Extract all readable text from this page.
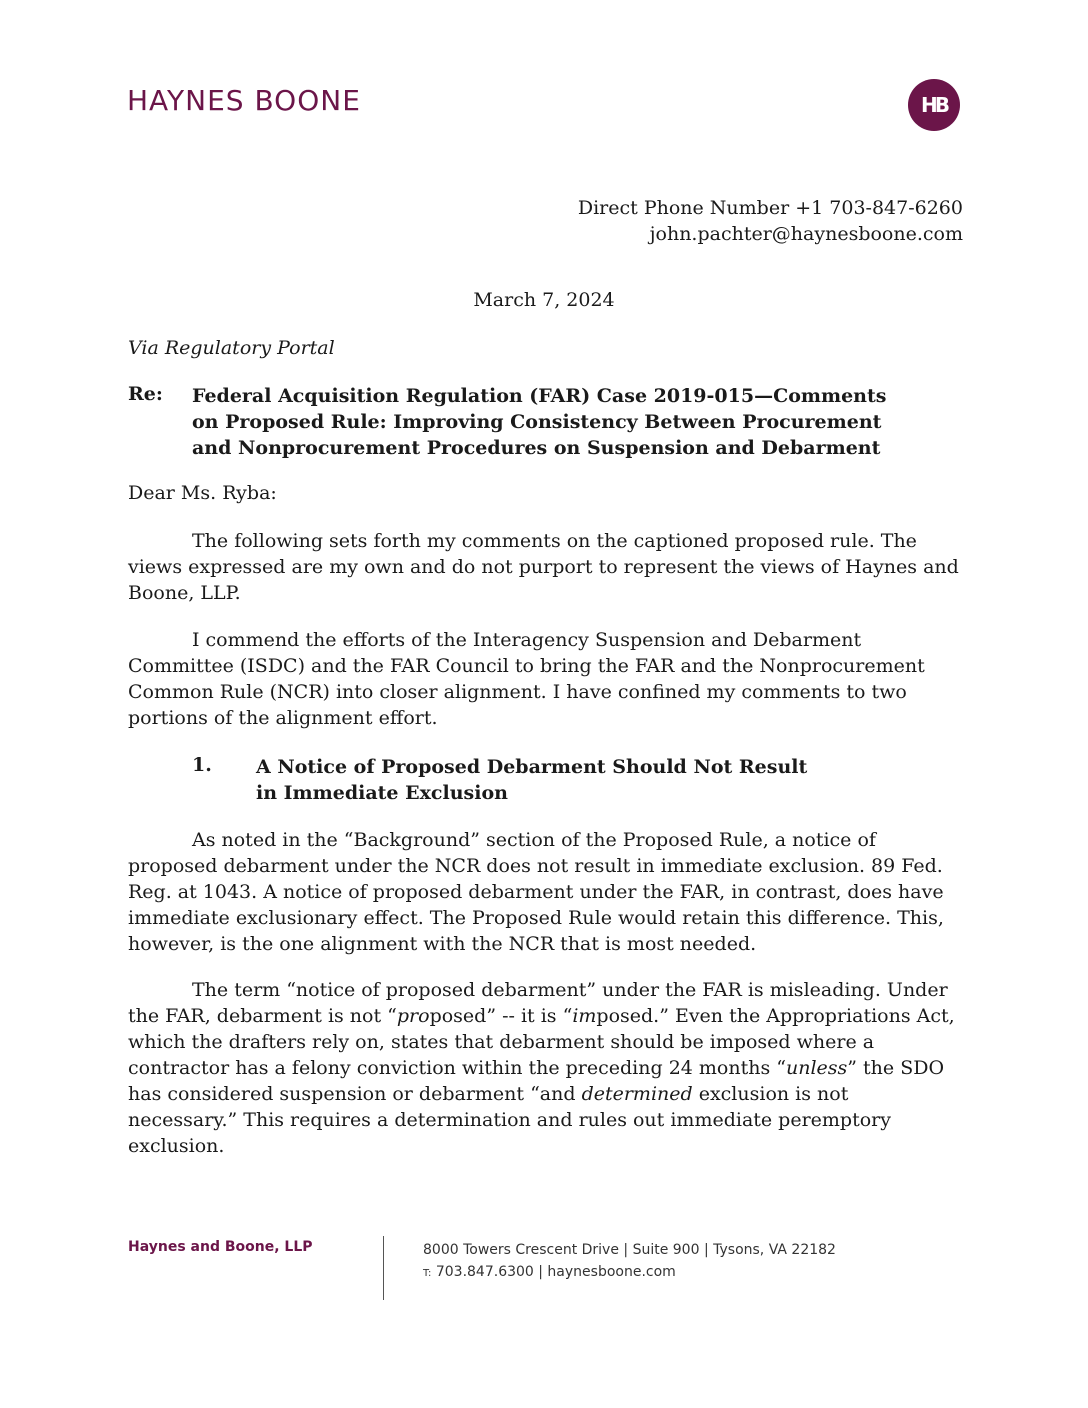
HAYNES BOONE	HB
Direct Phone Number +1 703-847-6260
john.pachter@haynesboone.com
March 7, 2024
Via Regulatory Portal
Re: Federal Acquisition Regulation (FAR) Case 2019-015—Comments on Proposed Rule: Improving Consistency Between Procurement and Nonprocurement Procedures on Suspension and Debarment
Dear Ms. Ryba:

The following sets forth my comments on the captioned proposed rule. The views expressed are my own and do not purport to represent the views of Haynes and Boone, LLP.

I commend the efforts of the Interagency Suspension and Debarment Committee (ISDC) and the FAR Council to bring the FAR and the Nonprocurement Common Rule (NCR) into closer alignment. I have confined my comments to two portions of the alignment effort.

1. A Notice of Proposed Debarment Should Not Result in Immediate Exclusion

As noted in the “Background” section of the Proposed Rule, a notice of proposed debarment under the NCR does not result in immediate exclusion. 89 Fed. Reg. at 1043. A notice of proposed debarment under the FAR, in contrast, does have immediate exclusionary effect. The Proposed Rule would retain this difference. This, however, is the one alignment with the NCR that is most needed.

The term “notice of proposed debarment” under the FAR is misleading. Under the FAR, debarment is not “proposed” -- it is “imposed.” Even the Appropriations Act, which the drafters rely on, states that debarment should be imposed where a contractor has a felony conviction within the preceding 24 months “unless” the SDO has considered suspension or debarment “and determined exclusion is not necessary.” This requires a determination and rules out immediate peremptory exclusion.

Haynes and Boone, LLP	8000 Towers Crescent Drive | Suite 900 | Tysons, VA 22182
T: 703.847.6300 | haynesboone.com
